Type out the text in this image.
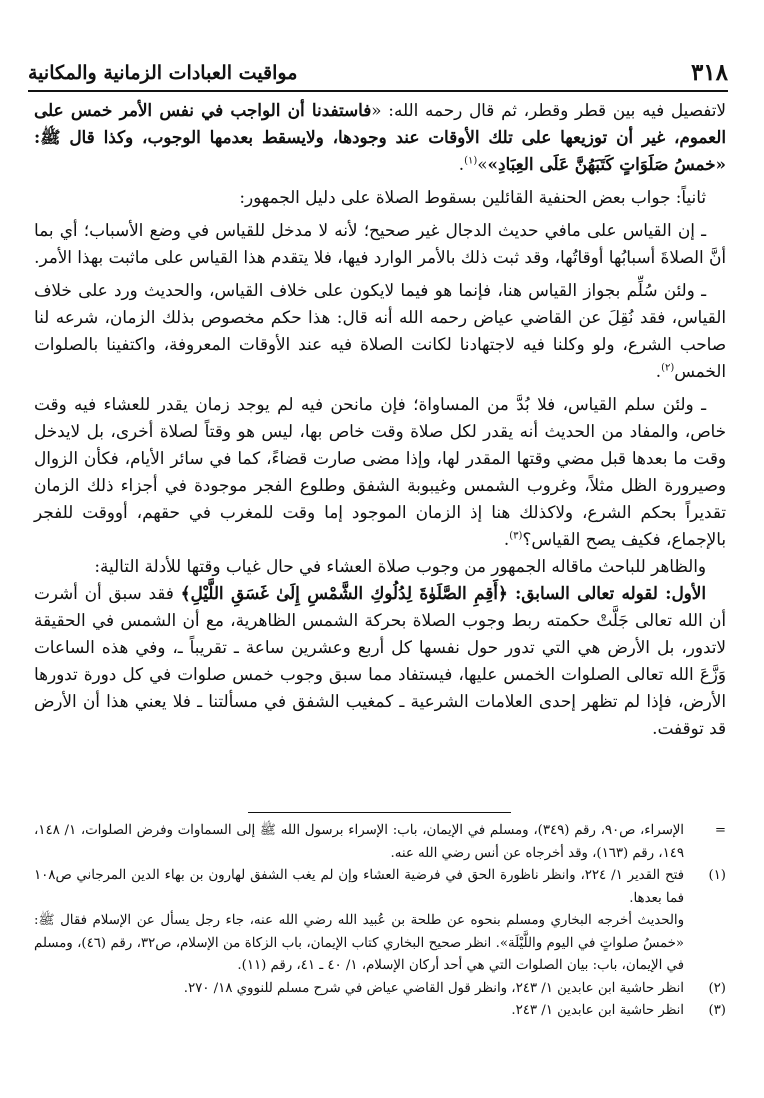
٣١٨
مواقيت العبادات الزمانية والمكانية

لاتفصيل فيه بين قطر وقطر، ثم قال رحمه الله: «فاستفدنا أن الواجب في نفس الأمر خمس على العموم، غير أن توزيعها على تلك الأوقات عند وجودها، ولايسقط بعدمها الوجوب، وكذا قال ﷺ: «خمسُ صَلَوَاتٍ كَتَبَهُنَّ عَلَى العِبَادِ»»$^{(١)}$.

ثانياً: جواب بعض الحنفية القائلين بسقوط الصلاة على دليل الجمهور:

ـ إن القياس على مافي حديث الدجال غير صحيح؛ لأنه لا مدخل للقياس في وضع الأسباب؛ أي بما أنَّ الصلاةَ أسبابُها أوقاتُها، وقد ثبت ذلك بالأمر الوارد فيها، فلا يتقدم هذا القياس على ماثبت بهذا الأمر.

ـ ولئن سُلِّم بجواز القياس هنا، فإنما هو فيما لايكون على خلاف القياس، والحديث ورد على خلاف القياس، فقد نُقِلَ عن القاضي عياض رحمه الله أنه قال: هذا حكم مخصوص بذلك الزمان، شرعه لنا صاحب الشرع، ولو وكلنا فيه لاجتهادنا لكانت الصلاة فيه عند الأوقات المعروفة، واكتفينا بالصلوات الخمس$^{(٢)}$.

ـ ولئن سلم القياس، فلا بُدَّ من المساواة؛ فإن مانحن فيه لم يوجد زمان يقدر للعشاء فيه وقت خاص، والمفاد من الحديث أنه يقدر لكل صلاة وقت خاص بها، ليس هو وقتاً لصلاة أخرى، بل لايدخل وقت ما بعدها قبل مضي وقتها المقدر لها، وإذا مضى صارت قضاءً، كما في سائر الأيام، فكأن الزوال وصيرورة الظل مثلاً، وغروب الشمس وغيبوبة الشفق وطلوع الفجر موجودة في أجزاء ذلك الزمان تقديراً بحكم الشرع، ولاكذلك هنا إذ الزمان الموجود إما وقت للمغرب في حقهم، أووقت للفجر بالإجماع، فكيف يصح القياس؟$^{(٣)}$.

والظاهر للباحث ماقاله الجمهور من وجوب صلاة العشاء في حال غياب وقتها للأدلة التالية:

الأول: لقوله تعالى السابق: ﴿أَقِمِ الصَّلَوٰةَ لِدُلُوكِ الشَّمْسِ إِلَىٰ غَسَقِ اللَّيْلِ﴾ فقد سبق أن أشرت أن الله تعالى جَلَّتْ حكمته ربط وجوب الصلاة بحركة الشمس الظاهرية، مع أن الشمس في الحقيقة لاتدور، بل الأرض هي التي تدور حول نفسها كل أربع وعشرين ساعة ـ تقريباً ـ، وفي هذه الساعات وَزَّعَ الله تعالى الصلوات الخمس عليها، فيستفاد مما سبق وجوب خمس صلوات في كل دورة تدورها الأرض، فإذا لم تظهر إحدى العلامات الشرعية ـ كمغيب الشفق في مسألتنا ـ فلا يعني هذا أن الأرض قد توقفت.

=

الإسراء، ص٩٠، رقم (٣٤٩)، ومسلم في الإيمان، باب: الإسراء برسول الله ﷺ إلى السماوات وفرض الصلوات، ١/ ١٤٨، ١٤٩، رقم (١٦٣)، وقد أخرجاه عن أنس رضي الله عنه.

(١)

فتح القدير ١/ ٢٢٤، وانظر ناظورة الحق في فرضية العشاء وإن لم يغب الشفق لهارون بن بهاء الدين المرجاني ص١٠٨ فما بعدها.

والحديث أخرجه البخاري ومسلم بنحوه عن طلحة بن عُبيد الله رضي الله عنه، جاء رجل يسأل عن الإسلام فقال ﷺ: «خمسُ صلواتٍ في اليوم واللَّيْلَة». انظر صحيح البخاري كتاب الإيمان، باب الزكاة من الإسلام، ص٣٢، رقم (٤٦)، ومسلم في الإيمان، باب: بيان الصلوات التي هي أحد أركان الإسلام، ١/ ٤٠ ـ ٤١، رقم (١١).

(٢)

انظر حاشية ابن عابدين ١/ ٢٤٣، وانظر قول القاضي عياض في شرح مسلم للنووي ١٨/ ٢٧٠.

(٣)

انظر حاشية ابن عابدين ١/ ٢٤٣.
